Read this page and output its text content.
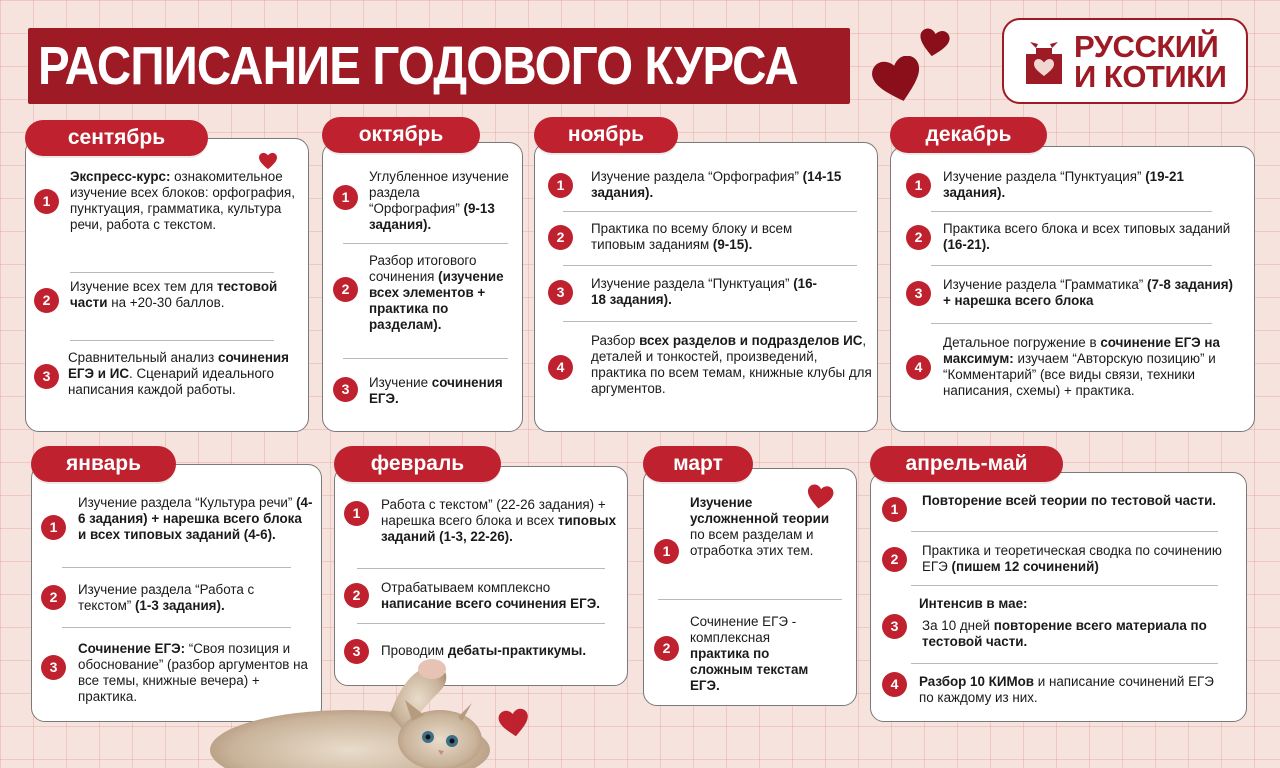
РАСПИСАНИЕ ГОДОВОГО КУРСА	РУССКИЙ
И КОТИКИ
1
Экспресс-курс: ознакомительное изучение всех блоков: орфография, пунктуация, грамматика, культура речи, работа с текстом.
2
Изучение всех тем для тестовой части на +20-30 баллов.
3
Сравнительный анализ сочинения ЕГЭ и ИС. Сценарий идеального написания каждой работы.
сентябрь
1
Углубленное изучение раздела “Орфография” (9-13 задания).
2
Разбор итогового сочинения (изучение всех элементов + практика по разделам).
3	Изучение сочинения ЕГЭ.
октябрь
1
Изучение раздела “Орфография” (14-15 задания).
2
Практика по всему блоку и всем типовым заданиям (9-15).
3
Изучение раздела “Пунктуация” (16-18 задания).
4
Разбор всех разделов и подразделов ИС, деталей и тонкостей, произведений, практика по всем темам, книжные клубы для аргументов.
ноябрь
1
Изучение раздела “Пунктуация” (19-21 задания).
2
Практика всего блока и всех типовых заданий (16-21).
3
Изучение раздела “Грамматика” (7-8 задания) + нарешка всего блока
4
Детальное погружение в сочинение ЕГЭ на максимум: изучаем “Авторскую позицию” и “Комментарий” (все виды связи, техники написания, схемы) + практика.
декабрь
1
Изучение раздела “Культура речи” (4-6 задания) + нарешка всего блока и всех типовых заданий (4-6).
2	Изучение раздела “Работа с текстом” (1-3 задания).
3
Сочинение ЕГЭ: “Своя позиция и обоснование” (разбор аргументов на все темы, книжные вечера) + практика.
январь
1
Работа с текстом” (22-26 задания) + нарешка всего блока и всех типовых заданий (1-3, 22-26).
2	Отрабатываем комплексно написание всего сочинения ЕГЭ.
3	Проводим дебаты-практикумы.
февраль
1
Изучение усложненной теории по всем разделам и отработка этих тем.
2
Сочинение ЕГЭ - комплексная практика по сложным текстам ЕГЭ.
март
1
Повторение всей теории по тестовой части.
2
Практика и теоретическая сводка по сочинению ЕГЭ (пишем 12 сочинений)
3
Интенсив в мае:
За 10 дней повторение всего материала по тестовой части.
4	Разбор 10 КИМов и написание сочинений ЕГЭ по каждому из них.
апрель-май
